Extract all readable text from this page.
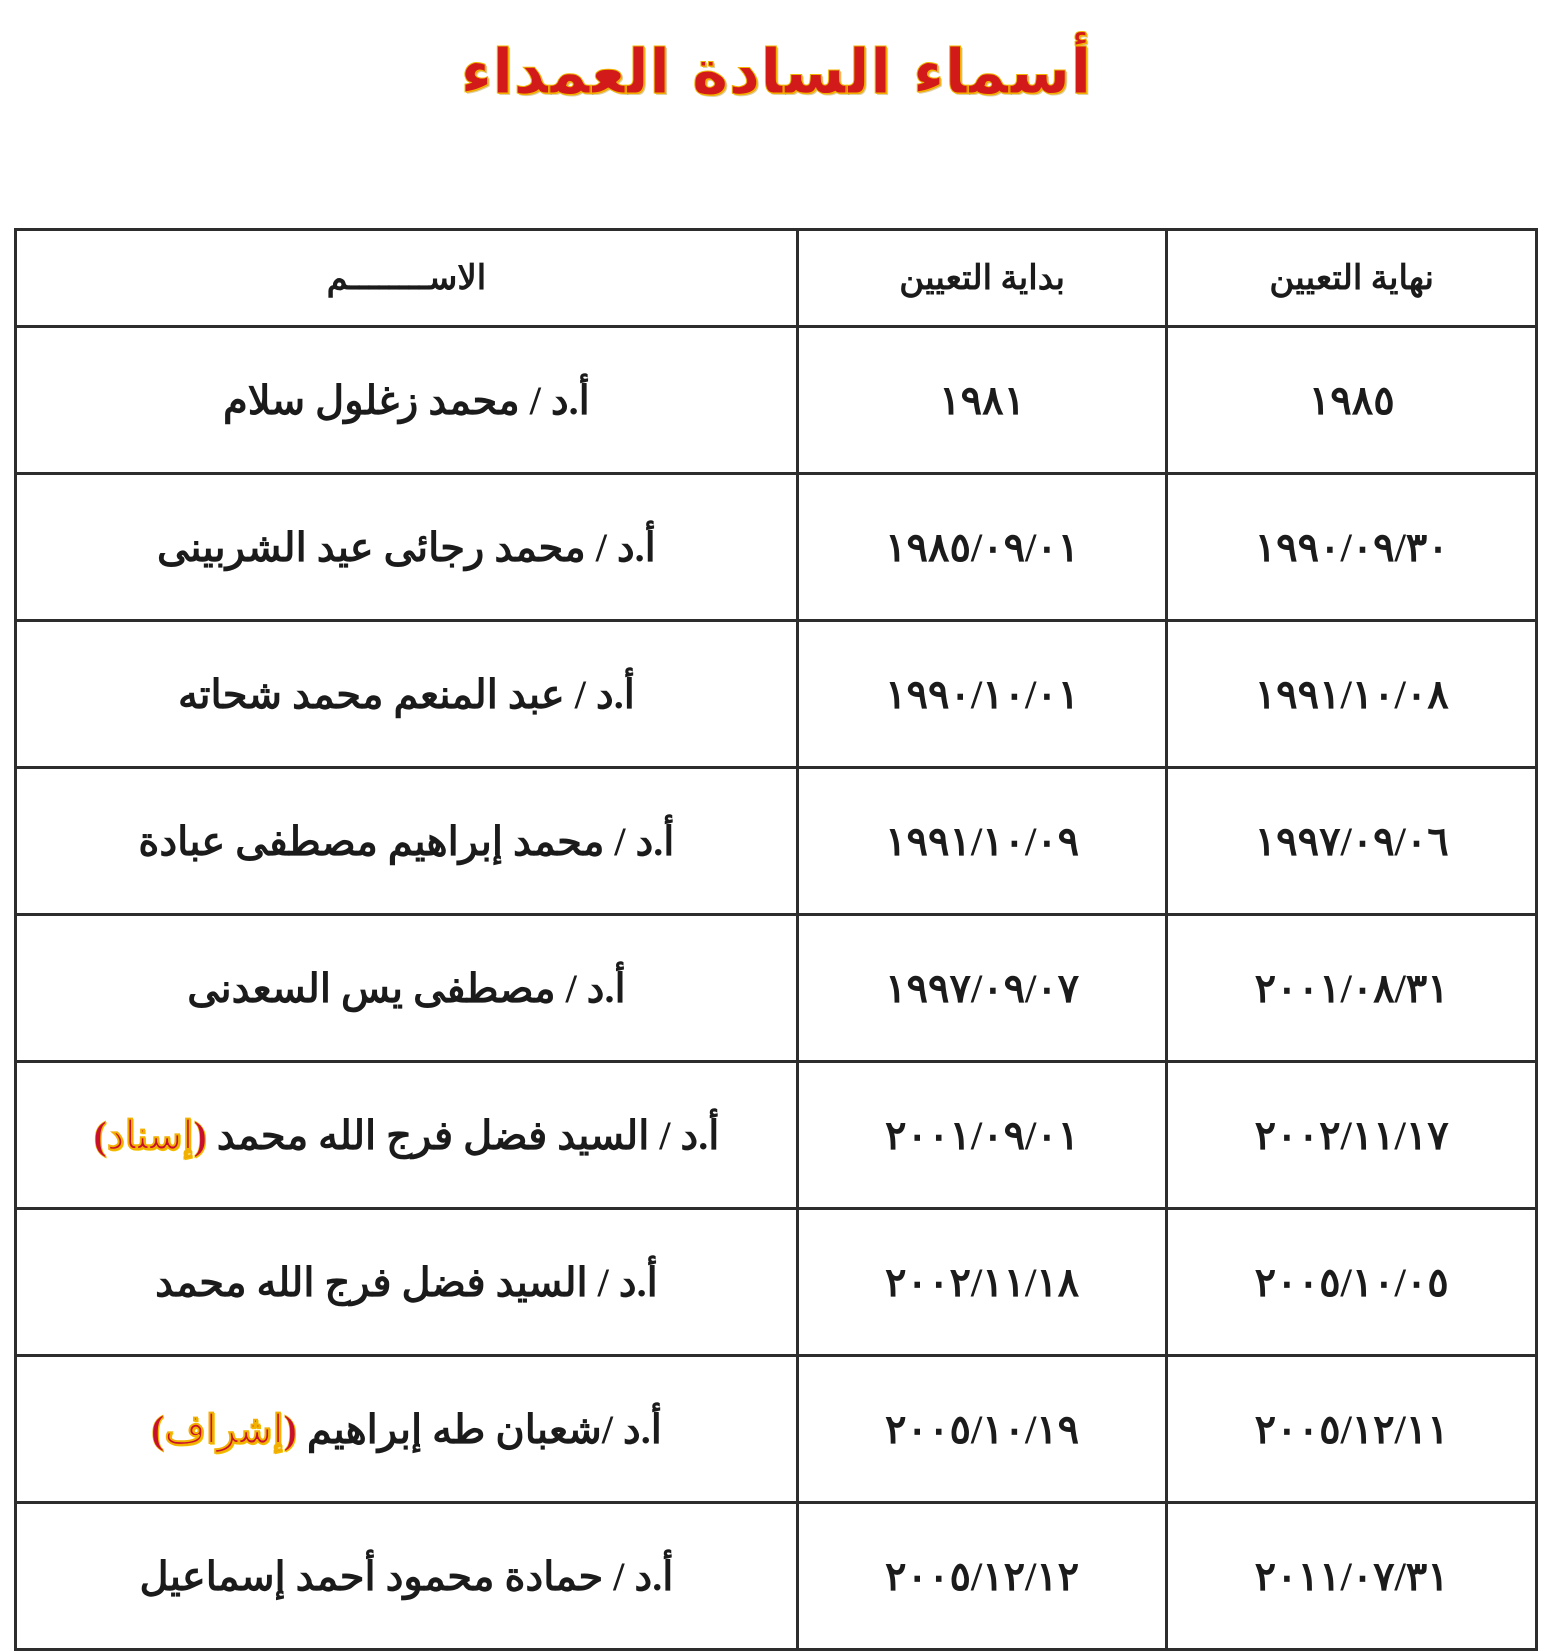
أسماء السادة العمداء
نهاية التعيين	بداية التعيين	الاســــــــم
١٩٨٥	١٩٨١	أ.د / محمد زغلول سلام
١٩٩٠/٠٩/٣٠	١٩٨٥/٠٩/٠١	أ.د / محمد رجائى عيد الشربينى
١٩٩١/١٠/٠٨	١٩٩٠/١٠/٠١	أ.د / عبد المنعم محمد شحاته
١٩٩٧/٠٩/٠٦	١٩٩١/١٠/٠٩	أ.د / محمد إبراهيم مصطفى عبادة
٢٠٠١/٠٨/٣١	١٩٩٧/٠٩/٠٧	أ.د / مصطفى يس السعدنى
٢٠٠٢/١١/١٧	٢٠٠١/٠٩/٠١	أ.د / السيد فضل فرج الله محمد (إسناد)
٢٠٠٥/١٠/٠٥	٢٠٠٢/١١/١٨	أ.د / السيد فضل فرج الله محمد
٢٠٠٥/١٢/١١	٢٠٠٥/١٠/١٩	أ.د /شعبان طه إبراهيم (إشراف)
٢٠١١/٠٧/٣١	٢٠٠٥/١٢/١٢	أ.د / حمادة محمود أحمد إسماعيل
